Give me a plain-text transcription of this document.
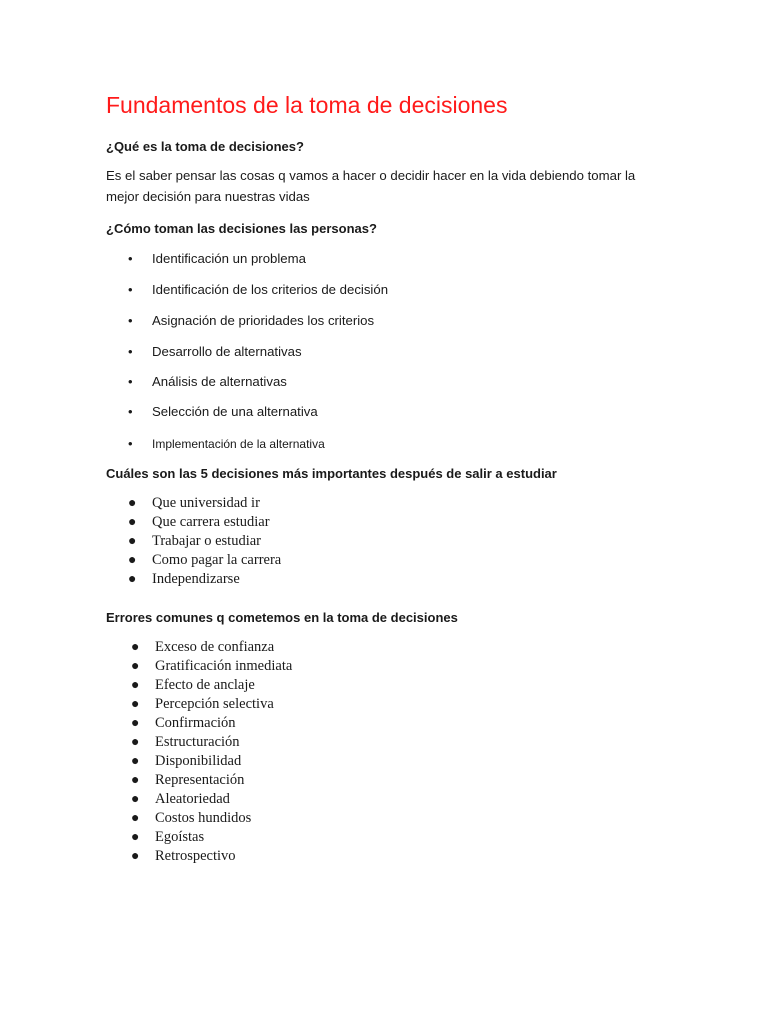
Fundamentos de la toma de decisiones
¿Qué es la toma de decisiones?
Es el saber pensar las cosas q vamos a hacer o decidir hacer en la vida debiendo tomar la mejor decisión para nuestras vidas
¿Cómo toman las decisiones las personas?
• Identificación un problema
• Identificación de los criterios de decisión
• Asignación de prioridades los criterios
• Desarrollo de alternativas
• Análisis de alternativas
• Selección de una alternativa
• Implementación de la alternativa
Cuáles son las 5 decisiones más importantes después de salir a estudiar
● Que universidad ir
● Que carrera estudiar
● Trabajar o estudiar
● Como pagar la carrera
● Independizarse
Errores comunes q cometemos en la toma de decisiones
● Exceso de confianza
● Gratificación inmediata
● Efecto de anclaje
● Percepción selectiva
● Confirmación
● Estructuración
● Disponibilidad
● Representación
● Aleatoriedad
● Costos hundidos
● Egoístas
● Retrospectivo
